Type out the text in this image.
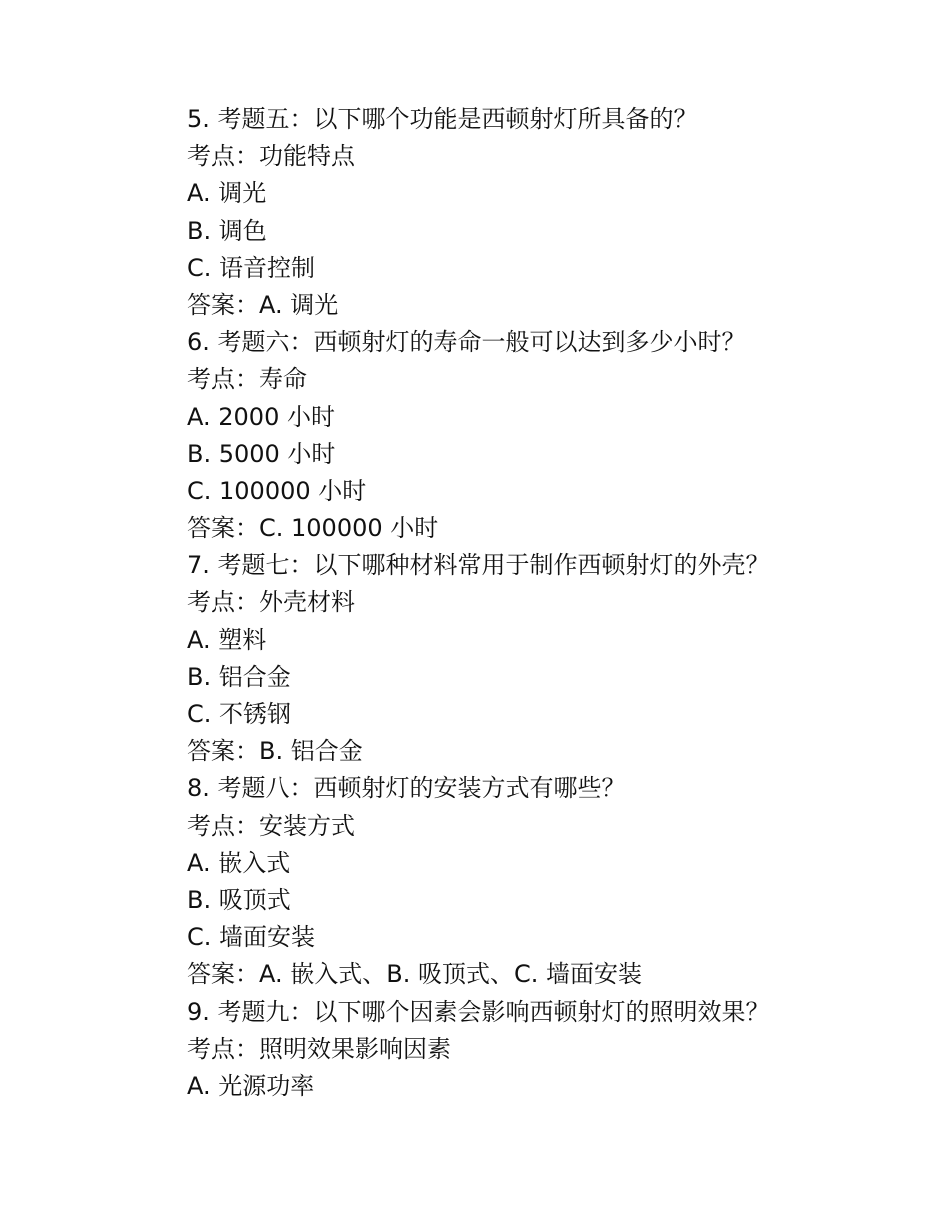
5. 考题五：以下哪个功能是西顿射灯所具备的？
考点：功能特点
A. 调光
B. 调色
C. 语音控制
答案：A. 调光
6. 考题六：西顿射灯的寿命一般可以达到多少小时？
考点：寿命
A. 2000 小时
B. 5000 小时
C. 100000 小时
答案：C. 100000 小时
7. 考题七：以下哪种材料常用于制作西顿射灯的外壳？
考点：外壳材料
A. 塑料
B. 铝合金
C. 不锈钢
答案：B. 铝合金
8. 考题八：西顿射灯的安装方式有哪些？
考点：安装方式
A. 嵌入式
B. 吸顶式
C. 墙面安装
答案：A. 嵌入式、B. 吸顶式、C. 墙面安装
9. 考题九：以下哪个因素会影响西顿射灯的照明效果？
考点：照明效果影响因素
A. 光源功率
